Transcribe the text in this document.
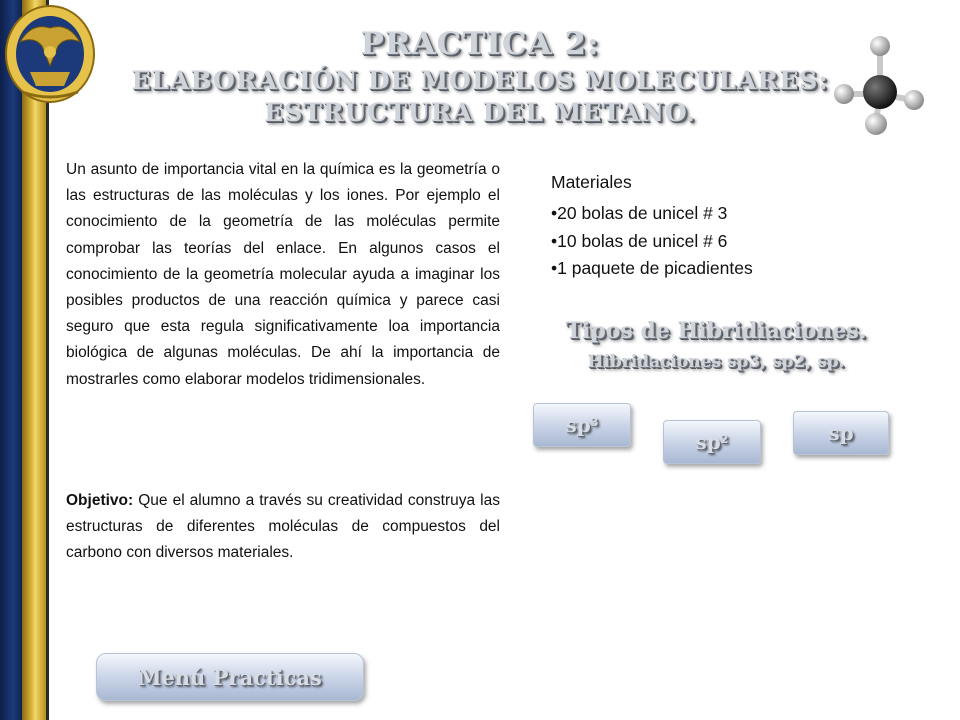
PRACTICA 2:
ELABORACIÓN DE MODELOS MOLECULARES:
ESTRUCTURA DEL METANO.

Un asunto de importancia vital en la química es la geometría o las estructuras de las moléculas y los iones. Por ejemplo el conocimiento de la geometría de las moléculas permite comprobar las teorías del enlace. En algunos casos el conocimiento de la geometría molecular ayuda a imaginar los posibles productos de una reacción química y parece casi seguro que esta regula significativamente loa importancia biológica de algunas moléculas. De ahí la importancia de mostrarles como elaborar modelos tridimensionales.

Objetivo: Que el alumno a través su creatividad construya las estructuras de diferentes moléculas de compuestos del carbono con diversos materiales.

Materiales

•20 bolas de unicel # 3
•10 bolas de unicel # 6
•1 paquete de picadientes
Tipos de Hibridiaciones.
Hibridaciones sp3, sp2, sp.
$sp^3$
$sp^2$	sp
Menú Practicas
